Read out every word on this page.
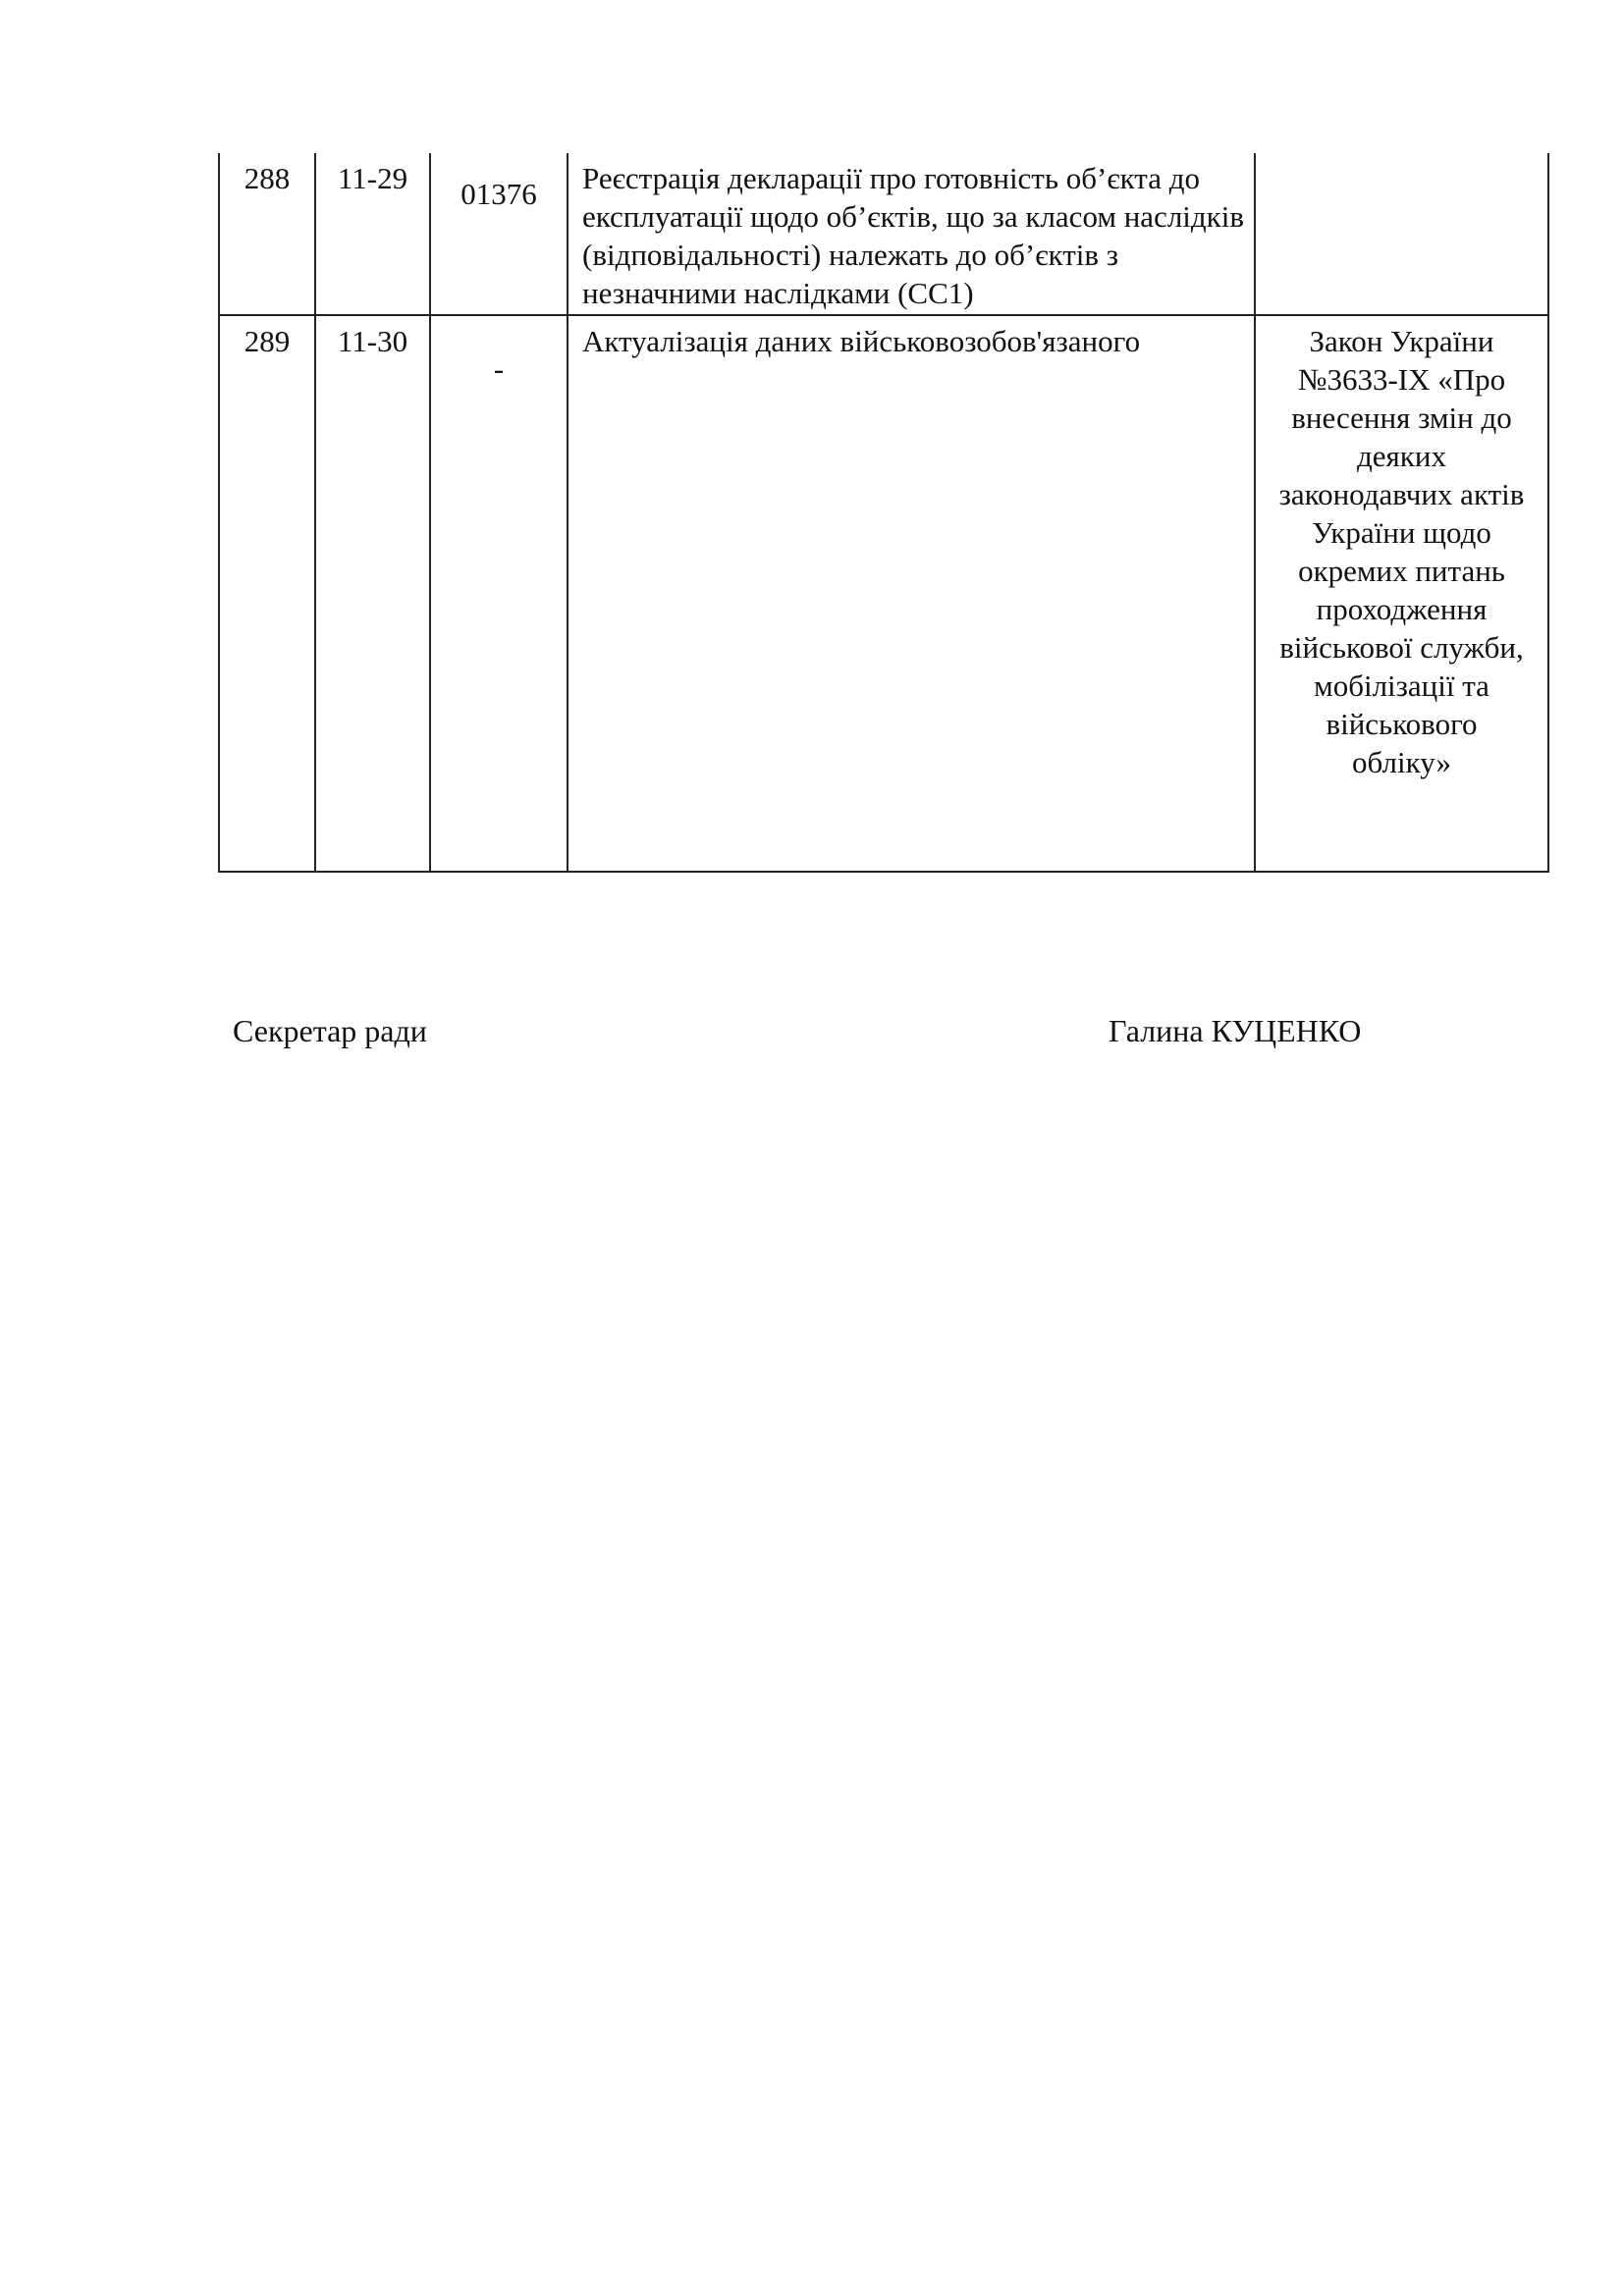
288	11-29	01376	Реєстрація декларації про готовність об’єкта до експлуатації щодо об’єктів, що за класом наслідків (відповідальності) належать до об’єктів з незначними наслідками (СС1)	

289	11-30	-	Актуалізація даних військовозобов'язаного	Закон України №3633-IX «Про внесення змін до деяких законодавчих актів України щодо окремих питань проходження військової служби, мобілізації та військового обліку»
Секретар ради	Галина КУЦЕНКО
